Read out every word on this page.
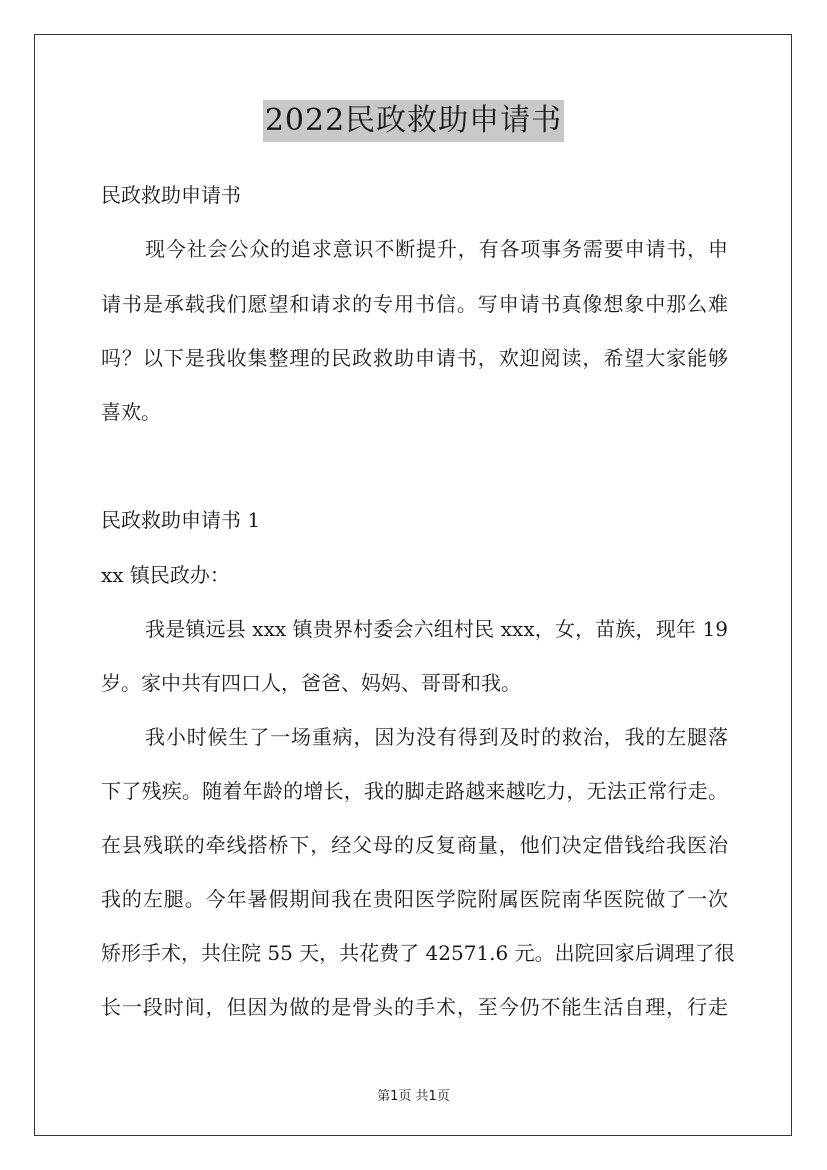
2022民政救助申请书
民政救助申请书
现今社会公众的追求意识不断提升，有各项事务需要申请书，申
请书是承载我们愿望和请求的专用书信。写申请书真像想象中那么难
吗？以下是我收集整理的民政救助申请书，欢迎阅读，希望大家能够
喜欢。
民政救助申请书 1
xx 镇民政办：
我是镇远县 xxx 镇贵界村委会六组村民 xxx，女，苗族，现年 19
岁。家中共有四口人，爸爸、妈妈、哥哥和我。
我小时候生了一场重病，因为没有得到及时的救治，我的左腿落
下了残疾。随着年龄的增长，我的脚走路越来越吃力，无法正常行走。
在县残联的牵线搭桥下，经父母的反复商量，他们决定借钱给我医治
我的左腿。今年暑假期间我在贵阳医学院附属医院南华医院做了一次
矫形手术，共住院 55 天，共花费了 42571.6 元。出院回家后调理了很
长一段时间，但因为做的是骨头的手术，至今仍不能生活自理，行走
第1页 共1页
